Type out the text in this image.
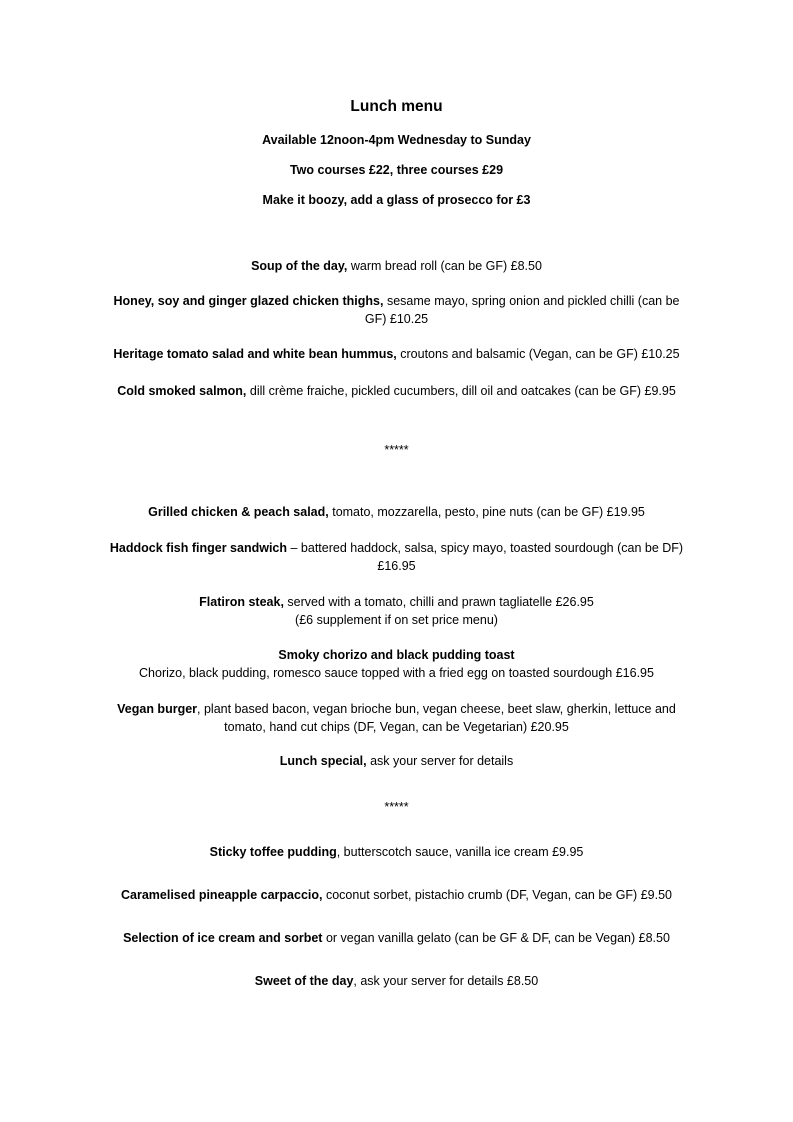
Lunch menu
Available 12noon-4pm Wednesday to Sunday
Two courses £22, three courses £29
Make it boozy, add a glass of prosecco for £3
Soup of the day, warm bread roll (can be GF) £8.50
Honey, soy and ginger glazed chicken thighs, sesame mayo, spring onion and pickled chilli (can be
GF) £10.25
Heritage tomato salad and white bean hummus, croutons and balsamic (Vegan, can be GF) £10.25
Cold smoked salmon, dill crème fraiche, pickled cucumbers, dill oil and oatcakes (can be GF) £9.95
*****
Grilled chicken & peach salad, tomato, mozzarella, pesto, pine nuts (can be GF) £19.95
Haddock fish finger sandwich – battered haddock, salsa, spicy mayo, toasted sourdough (can be DF)
£16.95
Flatiron steak, served with a tomato, chilli and prawn tagliatelle £26.95
(£6 supplement if on set price menu)
Smoky chorizo and black pudding toast
Chorizo, black pudding, romesco sauce topped with a fried egg on toasted sourdough £16.95
Vegan burger, plant based bacon, vegan brioche bun, vegan cheese, beet slaw, gherkin, lettuce and
tomato, hand cut chips (DF, Vegan, can be Vegetarian) £20.95
Lunch special, ask your server for details
*****
Sticky toffee pudding, butterscotch sauce, vanilla ice cream £9.95
Caramelised pineapple carpaccio, coconut sorbet, pistachio crumb (DF, Vegan, can be GF) £9.50
Selection of ice cream and sorbet or vegan vanilla gelato (can be GF & DF, can be Vegan) £8.50
Sweet of the day, ask your server for details £8.50
